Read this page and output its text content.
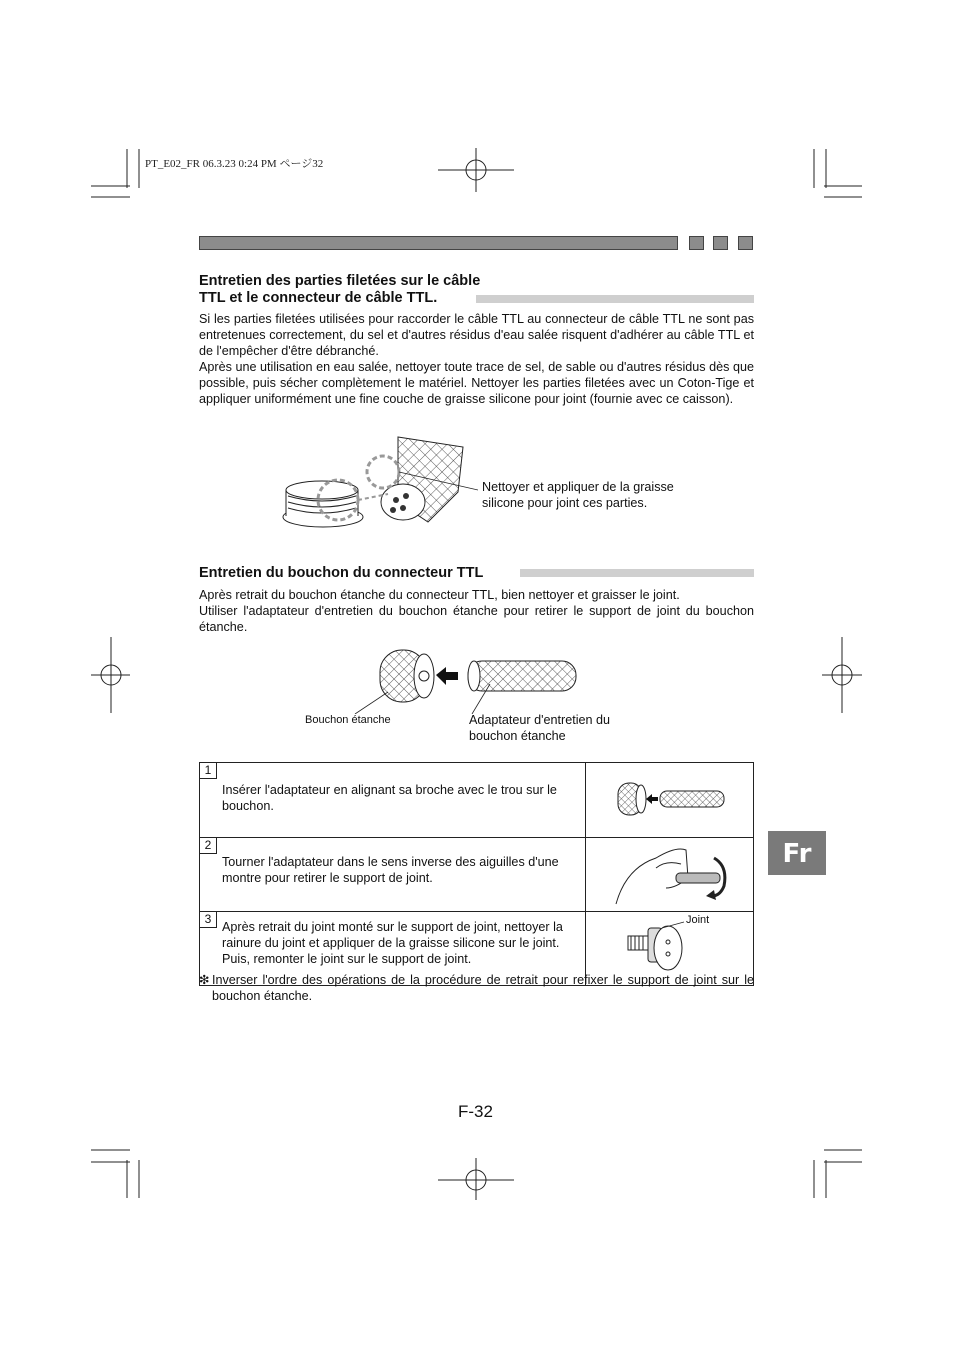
PT_E02_FR 06.3.23 0:24 PM ページ32
Entretien des parties filetées sur le câble
TTL et le connecteur de câble TTL.

Si les parties filetées utilisées pour raccorder le câble TTL au connecteur de câble TTL ne sont pas entretenues correctement, du sel et d'autres résidus d'eau salée risquent d'adhérer au câble TTL et de l'empêcher d'être débranché.

Après une utilisation en eau salée, nettoyer toute trace de sel, de sable ou d'autres résidus dès que possible, puis sécher complètement le matériel. Nettoyer les parties filetées avec un Coton-Tige et appliquer uniformément une fine couche de graisse silicone pour joint (fournie avec ce caisson).

Nettoyer et appliquer de la graisse
silicone pour joint ces parties.
Entretien du bouchon du connecteur TTL

Après retrait du bouchon étanche du connecteur TTL, bien nettoyer et graisser le joint.

Utiliser l'adaptateur d'entretien du bouchon étanche pour retirer le support de joint du bouchon étanche.

Bouchon étanche	Adaptateur d'entretien du
bouchon étanche
1
Insérer l'adaptateur en alignant sa broche avec le trou sur le bouchon.

2
Tourner l'adaptateur dans le sens inverse des aiguilles d'une montre pour retirer le support de joint.

3
Après retrait du joint monté sur le support de joint, nettoyer la rainure du joint et appliquer de la graisse silicone sur le joint. Puis, remonter le joint sur le support de joint.	Joint
❇ Inverser l'ordre des opérations de la procédure de retrait pour refixer le support de joint sur le bouchon étanche.
Fr
F-32
